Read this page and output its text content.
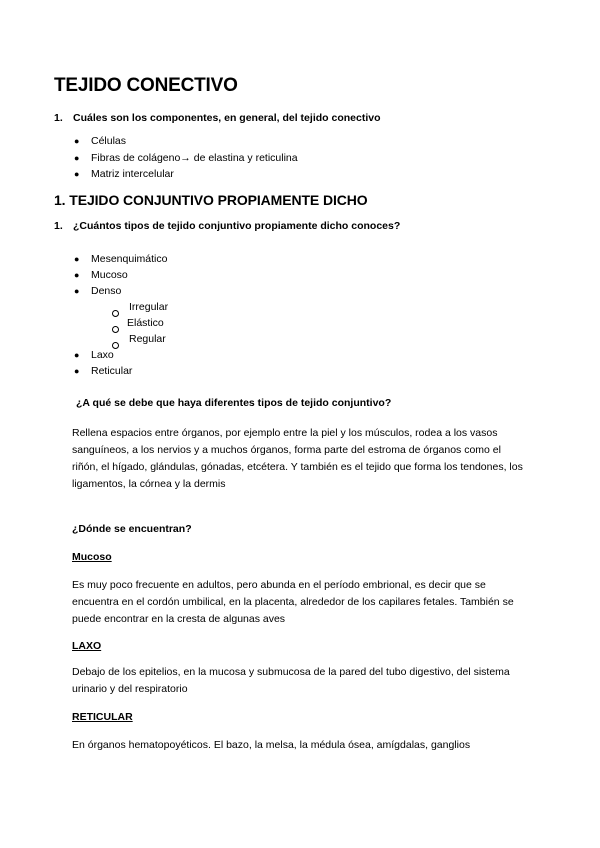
TEJIDO CONECTIVO
1. Cuáles son los componentes, en general, del tejido conectivo
● Células
● Fibras de colágeno→ de elastina y reticulina
● Matriz intercelular
1. TEJIDO CONJUNTIVO PROPIAMENTE DICHO
1. ¿Cuántos tipos de tejido conjuntivo propiamente dicho conoces?
● Mesenquimático
● Mucoso
● Denso
Irregular
Elástico
Regular
● Laxo
● Reticular
¿A qué se debe que haya diferentes tipos de tejido conjuntivo?
Rellena espacios entre órganos, por ejemplo entre la piel y los músculos, rodea a los vasos
sanguíneos, a los nervios y a muchos órganos, forma parte del estroma de órganos como el
riñón, el hígado, glándulas, gónadas, etcétera. Y también es el tejido que forma los tendones, los
ligamentos, la córnea y la dermis
¿Dónde se encuentran?
Mucoso
Es muy poco frecuente en adultos, pero abunda en el período embrional, es decir que se
encuentra en el cordón umbilical, en la placenta, alrededor de los capilares fetales. También se
puede encontrar en la cresta de algunas aves
LAXO
Debajo de los epitelios, en la mucosa y submucosa de la pared del tubo digestivo, del sistema
urinario y del respiratorio
RETICULAR
En órganos hematopoyéticos. El bazo, la melsa, la médula ósea, amígdalas, ganglios
